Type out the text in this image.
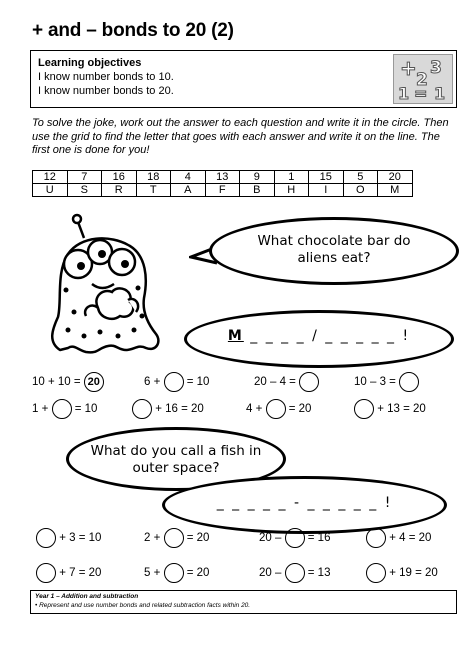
+ and – bonds to 20 (2)
Learning objectives
I know number bonds to 10.
I know number bonds to 20.
+ 3
2
1 = 1
To solve the joke, work out the answer to each question and write it in the circle. Then use the grid to find the letter that goes with each answer and write it on the line. The first one is done for you!
12	7	16	18	4	13	9	1	15	5	20
U	S	R	T	A	F	B	H	I	O	M
What chocolate bar do
aliens eat?
M _ _ _ _ / _ _ _ _ _ !
10 + 10 = 20	6 + = 10	20 – 4 =	10 – 3 =
1 + = 10	+ 16 = 20	4 + = 20	+ 13 = 20
What do you call a fish in
outer space?
_ _ _ _ _ - _ _ _ _ _ !
+ 3 = 10	2 + = 20	20 – = 16	+ 4 = 20
+ 7 = 20	5 + = 20	20 – = 13	+ 19 = 20
Year 1 – Addition and subtraction
• Represent and use number bonds and related subtraction facts within 20.
